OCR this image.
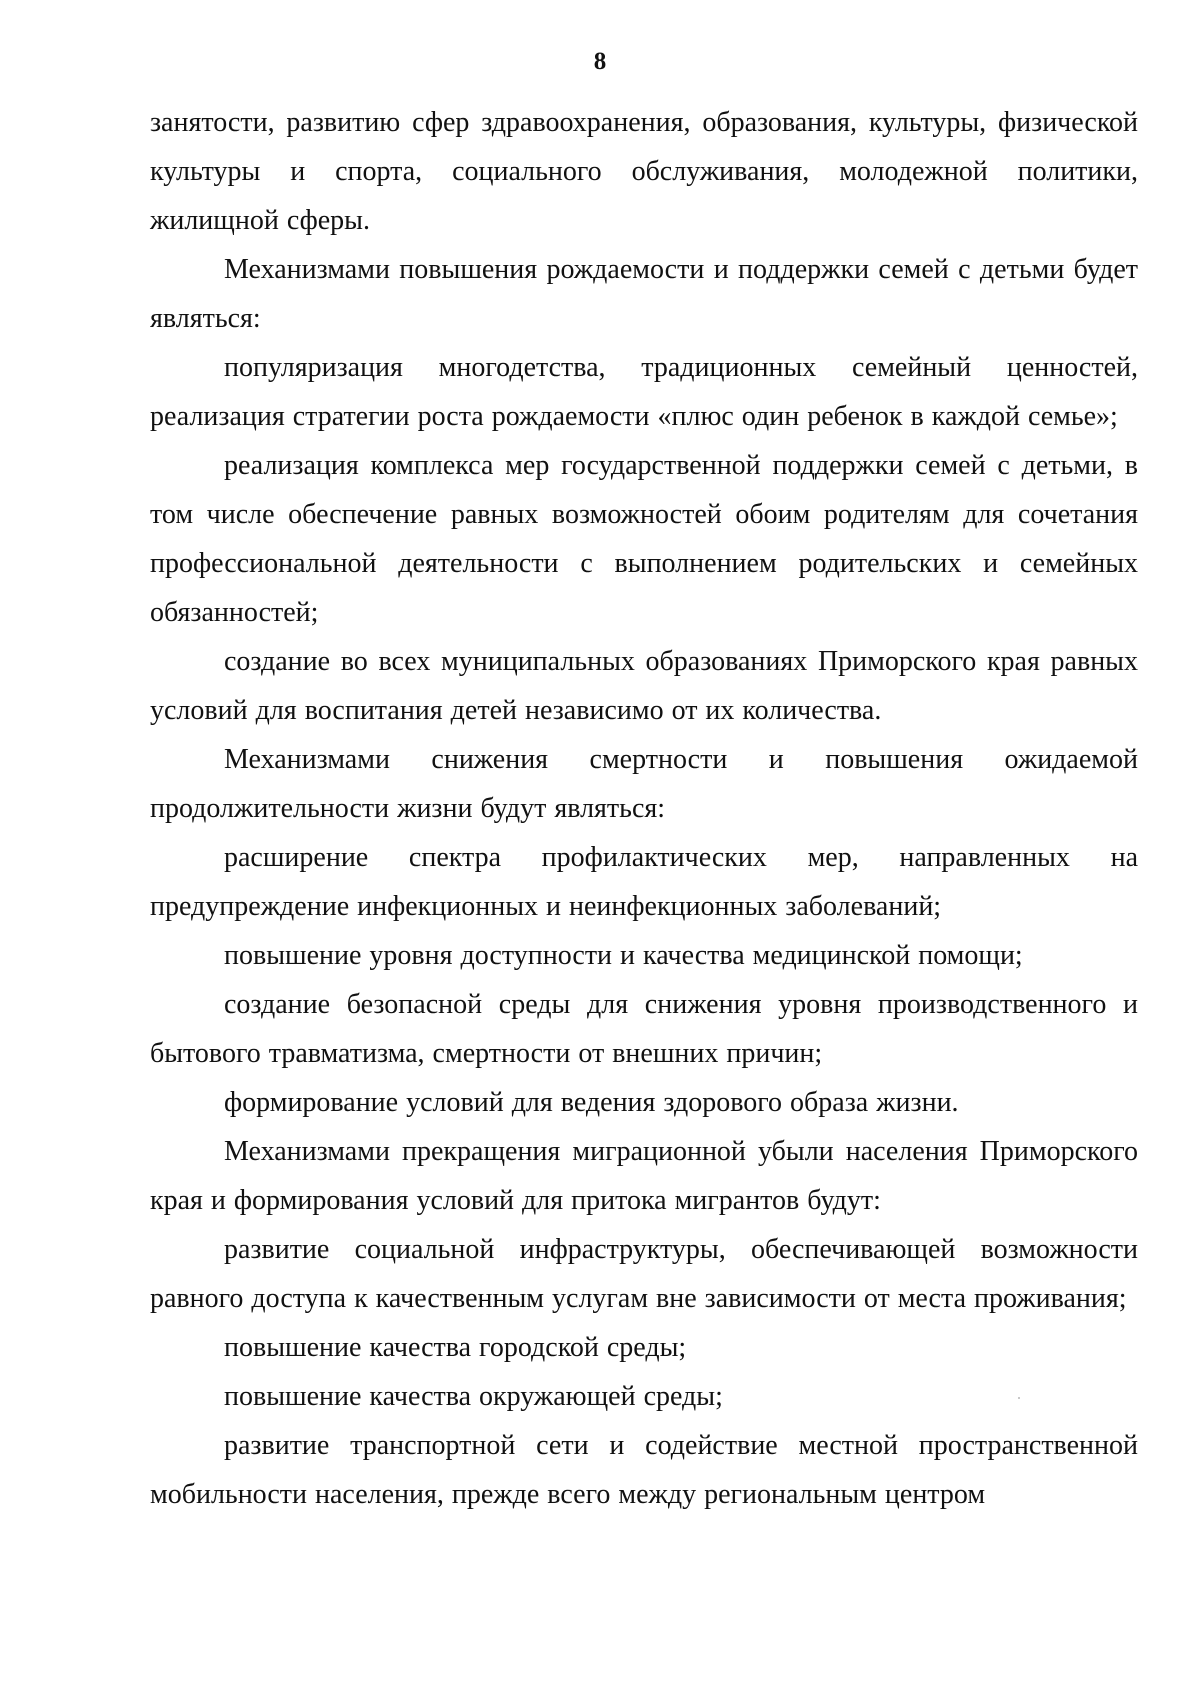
8

занятости, развитию сфер здравоохранения, образования, культуры, физической культуры и спорта, социального обслуживания, молодежной политики, жилищной сферы.

Механизмами повышения рождаемости и поддержки семей с детьми будет являться:

популяризация многодетства, традиционных семейный ценностей, реализация стратегии роста рождаемости «плюс один ребенок в каждой семье»;

реализация комплекса мер государственной поддержки семей с детьми, в том числе обеспечение равных возможностей обоим родителям для сочетания профессиональной деятельности с выполнением родительских и семейных обязанностей;

создание во всех муниципальных образованиях Приморского края равных условий для воспитания детей независимо от их количества.

Механизмами снижения смертности и повышения ожидаемой продолжительности жизни будут являться:

расширение спектра профилактических мер, направленных на предупреждение инфекционных и неинфекционных заболеваний;

повышение уровня доступности и качества медицинской помощи;

создание безопасной среды для снижения уровня производственного и бытового травматизма, смертности от внешних причин;

формирование условий для ведения здорового образа жизни.

Механизмами прекращения миграционной убыли населения Приморского края и формирования условий для притока мигрантов будут:

развитие социальной инфраструктуры, обеспечивающей возможности равного доступа к качественным услугам вне зависимости от места проживания;

повышение качества городской среды;

повышение качества окружающей среды;

развитие транспортной сети и содействие местной пространственной мобильности населения, прежде всего между региональным центром
